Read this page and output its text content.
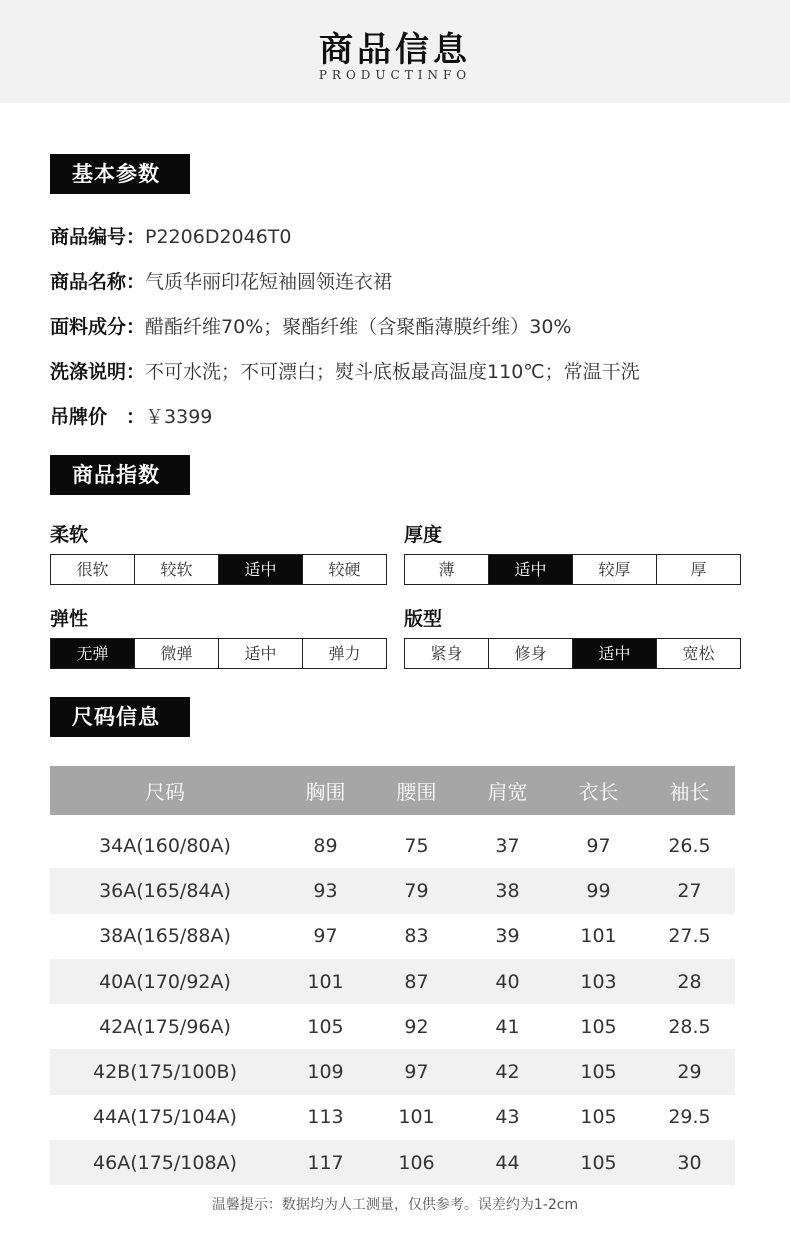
商品信息
PRODUCTINFO
基本参数
商品编号：P2206D2046T0
商品名称：气质华丽印花短袖圆领连衣裙
面料成分：醋酯纤维70%；聚酯纤维（含聚酯薄膜纤维）30%
洗涤说明：不可水洗；不可漂白；熨斗底板最高温度110℃；常温干洗
吊牌价　：￥3399
商品指数
柔软
很软	较软	适中	较硬
厚度
薄	适中	较厚	厚
弹性
无弹	微弹	适中	弹力
版型
紧身	修身	适中	宽松
尺码信息
尺码	胸围	腰围	肩宽	衣长	袖长

34A(160/80A)	89	75	37	97	26.5
36A(165/84A)	93	79	38	99	27
38A(165/88A)	97	83	39	101	27.5
40A(170/92A)	101	87	40	103	28
42A(175/96A)	105	92	41	105	28.5
42B(175/100B)	109	97	42	105	29
44A(175/104A)	113	101	43	105	29.5
46A(175/108A)	117	106	44	105	30
温馨提示：数据均为人工测量，仅供参考。误差约为1-2cm
